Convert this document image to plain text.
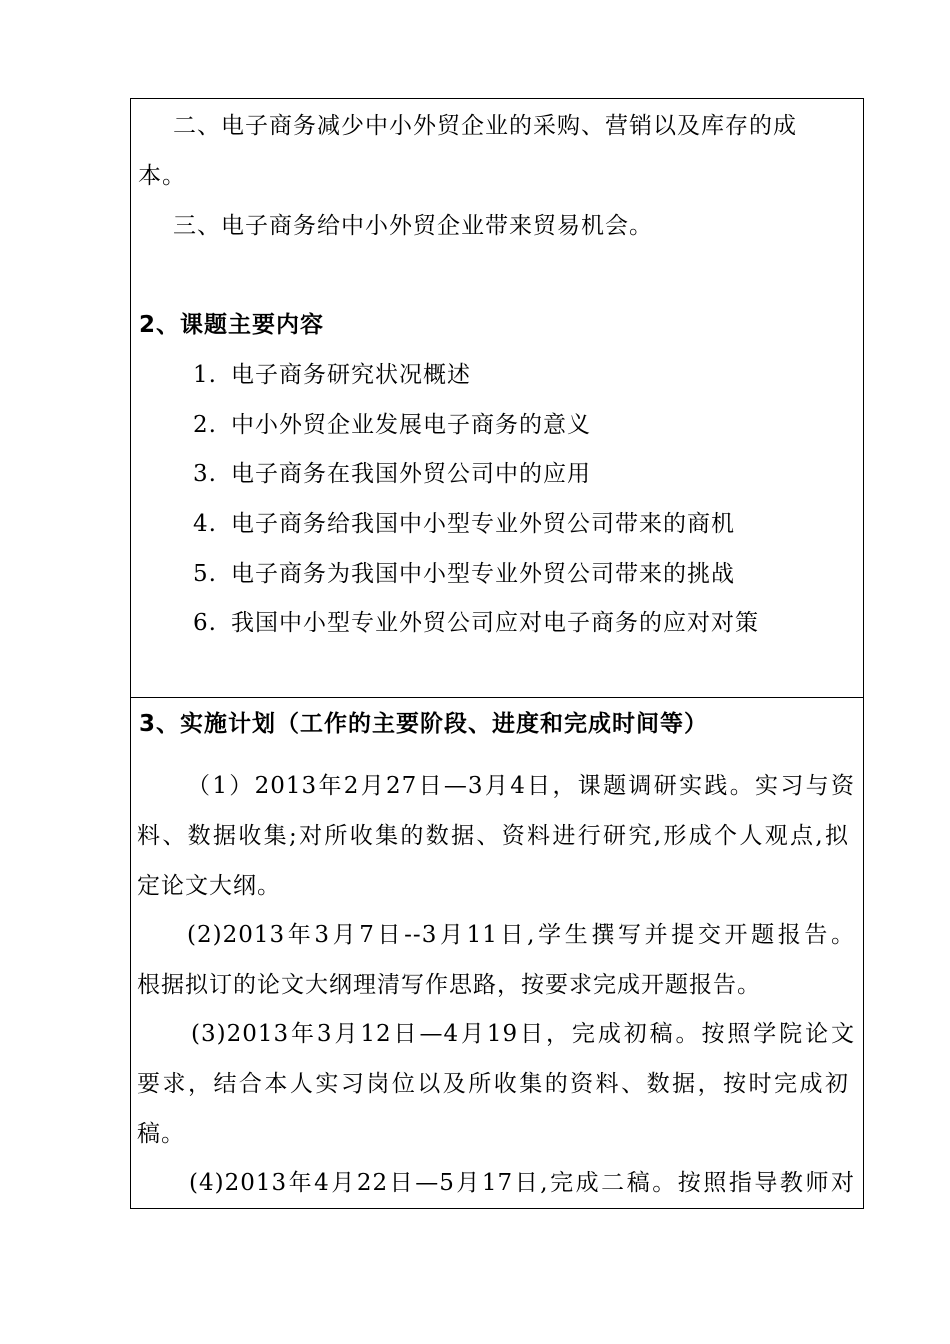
二、电子商务减少中小外贸企业的采购、营销以及库存的成
本。
三、电子商务给中小外贸企业带来贸易机会。
2、课题主要内容
1. 电子商务研究状况概述
2. 中小外贸企业发展电子商务的意义
3. 电子商务在我国外贸公司中的应用
4. 电子商务给我国中小型专业外贸公司带来的商机
5. 电子商务为我国中小型专业外贸公司带来的挑战
6. 我国中小型专业外贸公司应对电子商务的应对对策

3、实施计划（工作的主要阶段、进度和完成时间等）
（1）2013年2月27日—3月4日，课题调研实践。实习与资
料、数据收集;对所收集的数据、资料进行研究,形成个人观点,拟
定论文大纲。
(2)2013年3月7日--3月11日,学生撰写并提交开题报告。
根据拟订的论文大纲理清写作思路，按要求完成开题报告。
(3)2013年3月12日—4月19日，完成初稿。按照学院论文
要求，结合本人实习岗位以及所收集的资料、数据，按时完成初
稿。
(4)2013年4月22日—5月17日,完成二稿。按照指导教师对
